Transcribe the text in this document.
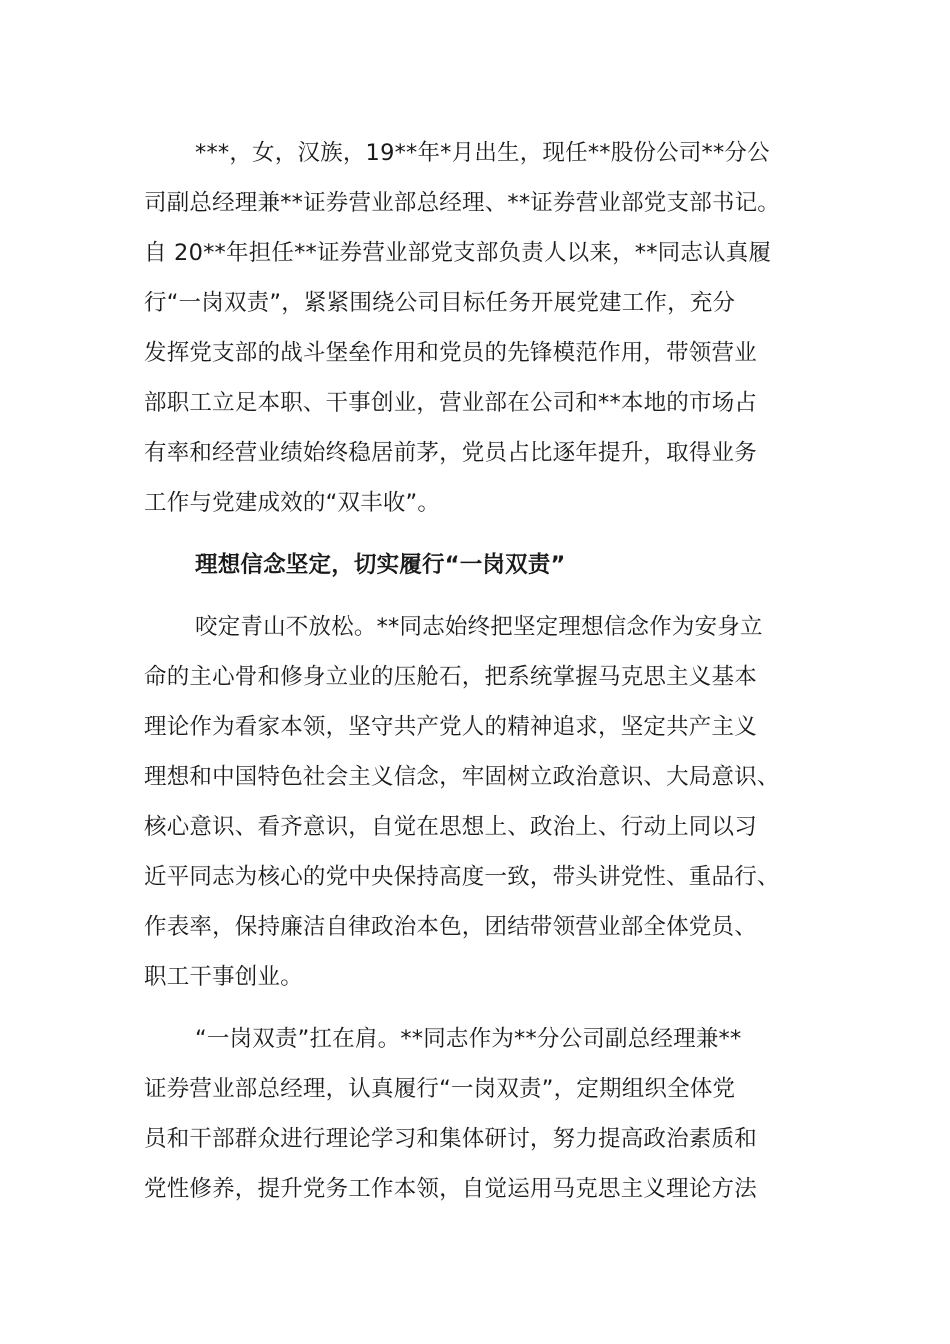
***，女，汉族，19**年*月出生，现任**股份公司**分公
司副总经理兼**证券营业部总经理、**证券营业部党支部书记。
自 20**年担任**证券营业部党支部负责人以来，**同志认真履
行“一岗双责”，紧紧围绕公司目标任务开展党建工作，充分
发挥党支部的战斗堡垒作用和党员的先锋模范作用，带领营业
部职工立足本职、干事创业，营业部在公司和**本地的市场占
有率和经营业绩始终稳居前茅，党员占比逐年提升，取得业务
工作与党建成效的“双丰收”。
理想信念坚定，切实履行“一岗双责”
咬定青山不放松。**同志始终把坚定理想信念作为安身立
命的主心骨和修身立业的压舱石，把系统掌握马克思主义基本
理论作为看家本领，坚守共产党人的精神追求，坚定共产主义
理想和中国特色社会主义信念，牢固树立政治意识、大局意识、
核心意识、看齐意识，自觉在思想上、政治上、行动上同以习
近平同志为核心的党中央保持高度一致，带头讲党性、重品行、
作表率，保持廉洁自律政治本色，团结带领营业部全体党员、
职工干事创业。
“一岗双责”扛在肩。**同志作为**分公司副总经理兼**
证券营业部总经理，认真履行“一岗双责”，定期组织全体党
员和干部群众进行理论学习和集体研讨，努力提高政治素质和
党性修养，提升党务工作本领，自觉运用马克思主义理论方法
